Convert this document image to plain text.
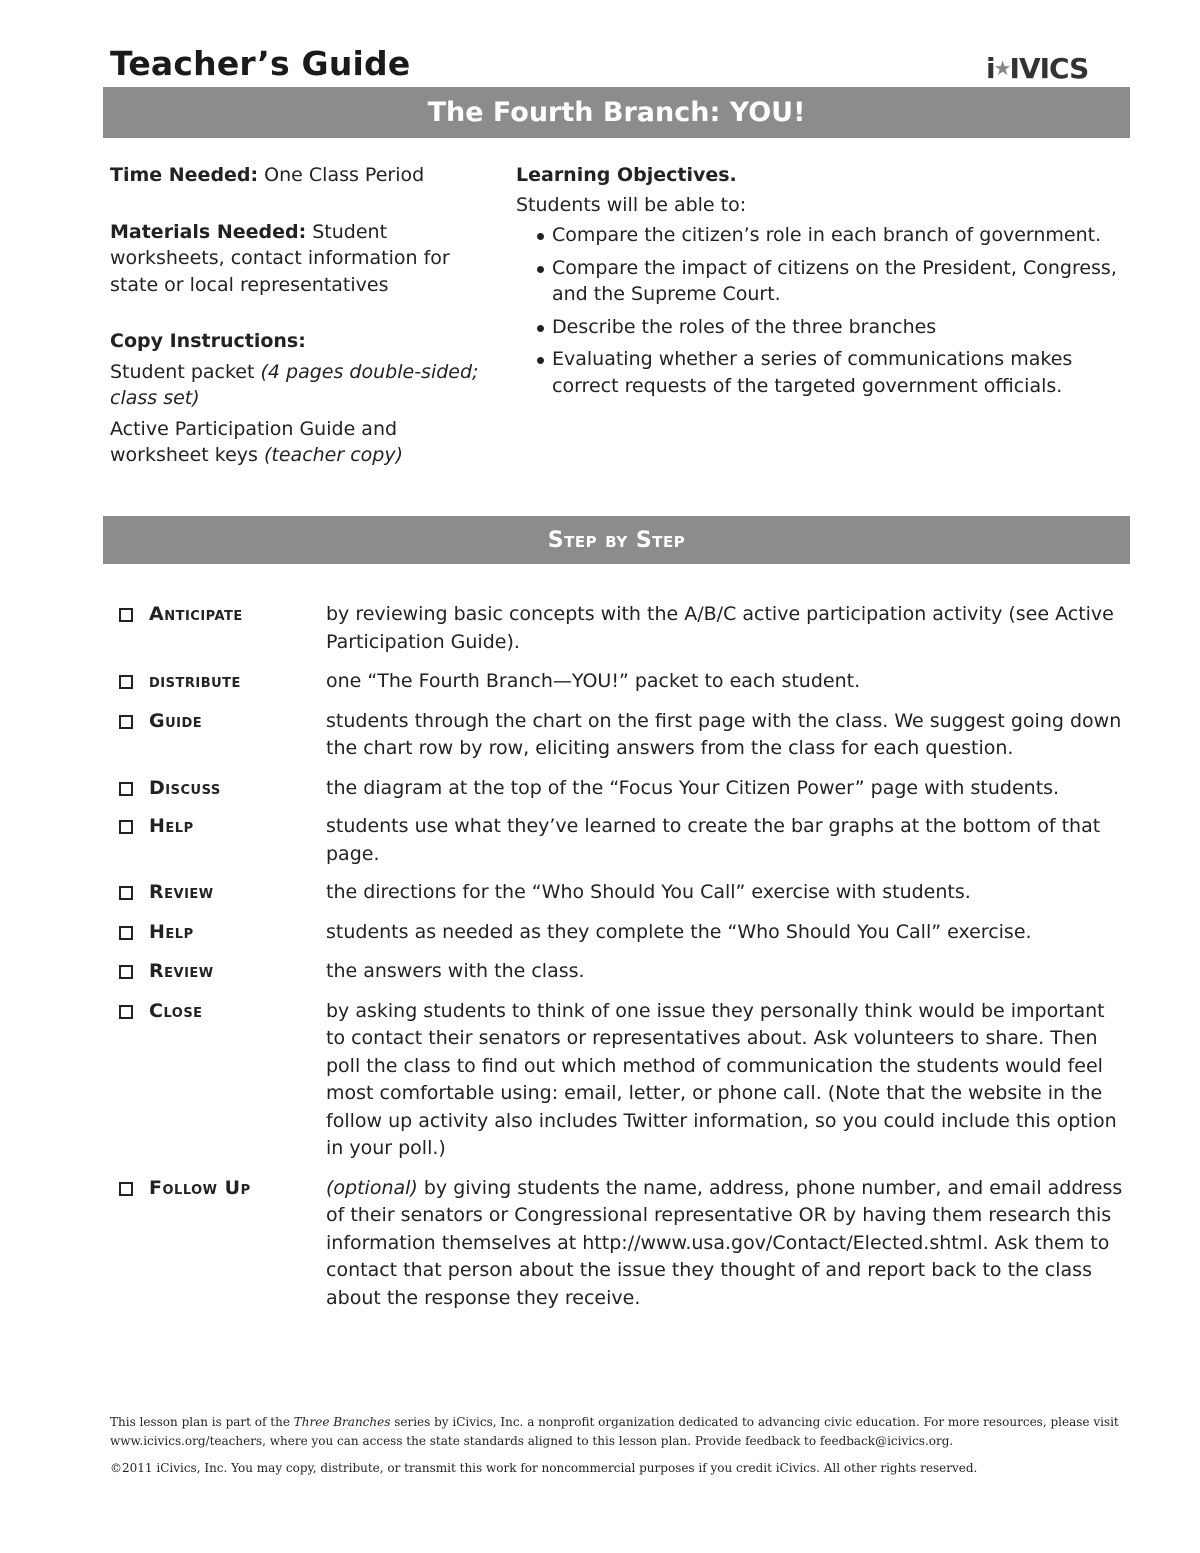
Teacher’s Guide	i★IVICS
The Fourth Branch: YOU!
Time Needed: One Class Period
Materials Needed: Student worksheets, contact information for state or local representatives
Copy Instructions:
Student packet (4 pages double-sided; class set)
Active Participation Guide and worksheet keys (teacher copy)
Learning Objectives.
Students will be able to:
Compare the citizen’s role in each branch of government.
Compare the impact of citizens on the President, Congress, and the Supreme Court.
Describe the roles of the three branches
Evaluating whether a series of communications makes correct requests of the targeted government officials.
Step by Step
Anticipate	by reviewing basic concepts with the A/B/C active participation activity (see Active Participation Guide).
distribute	one “The Fourth Branch—YOU!” packet to each student.
Guide	students through the chart on the first page with the class. We suggest going down the chart row by row, eliciting answers from the class for each question.
Discuss	the diagram at the top of the “Focus Your Citizen Power” page with students.
Help	students use what they’ve learned to create the bar graphs at the bottom of that page.
Review	the directions for the “Who Should You Call” exercise with students.
Help	students as needed as they complete the “Who Should You Call” exercise.
Review	the answers with the class.
Close	by asking students to think of one issue they personally think would be important to contact their senators or representatives about. Ask volunteers to share. Then poll the class to find out which method of communication the students would feel most comfortable using: email, letter, or phone call. (Note that the website in the follow up activity also includes Twitter information, so you could include this option in your poll.)
Follow Up	(optional) by giving students the name, address, phone number, and email address of their senators or Congressional representative OR by having them research this information themselves at http://www.usa.gov/Contact/Elected.shtml. Ask them to contact that person about the issue they thought of and report back to the class about the response they receive.

This lesson plan is part of the Three Branches series by iCivics, Inc. a nonprofit organization dedicated to advancing civic education. For more resources, please visit www.icivics.org/teachers, where you can access the state standards aligned to this lesson plan. Provide feedback to feedback@icivics.org.

©2011 iCivics, Inc. You may copy, distribute, or transmit this work for noncommercial purposes if you credit iCivics. All other rights reserved.
